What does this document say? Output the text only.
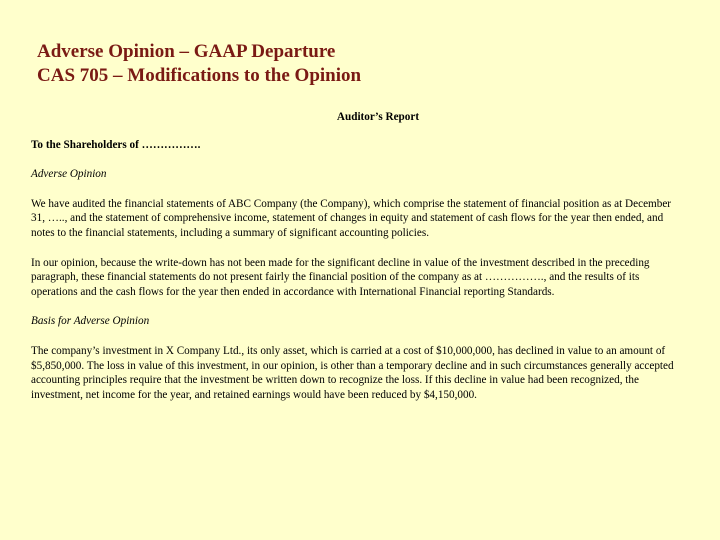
Adverse Opinion – GAAP Departure
CAS 705 – Modifications to the Opinion
Auditor’s Report
To the Shareholders of …………….
Adverse Opinion

We have audited the financial statements of ABC Company (the Company), which comprise the statement of financial position as at December 31, ….., and the statement of comprehensive income, statement of changes in equity and statement of cash flows for the year then ended, and notes to the financial statements, including a summary of significant accounting policies.

In our opinion, because the write-down has not been made for the significant decline in value of the investment described in the preceding paragraph, these financial statements do not present fairly the financial position of the company as at ……………., and the results of its operations and the cash flows for the year then ended in accordance with International Financial reporting Standards.

Basis for Adverse Opinion

The company’s investment in X Company Ltd., its only asset, which is carried at a cost of $10,000,000, has declined in value to an amount of $5,850,000. The loss in value of this investment, in our opinion, is other than a temporary decline and in such circumstances generally accepted accounting principles require that the investment be written down to recognize the loss. If this decline in value had been recognized, the investment, net income for the year, and retained earnings would have been reduced by $4,150,000.
